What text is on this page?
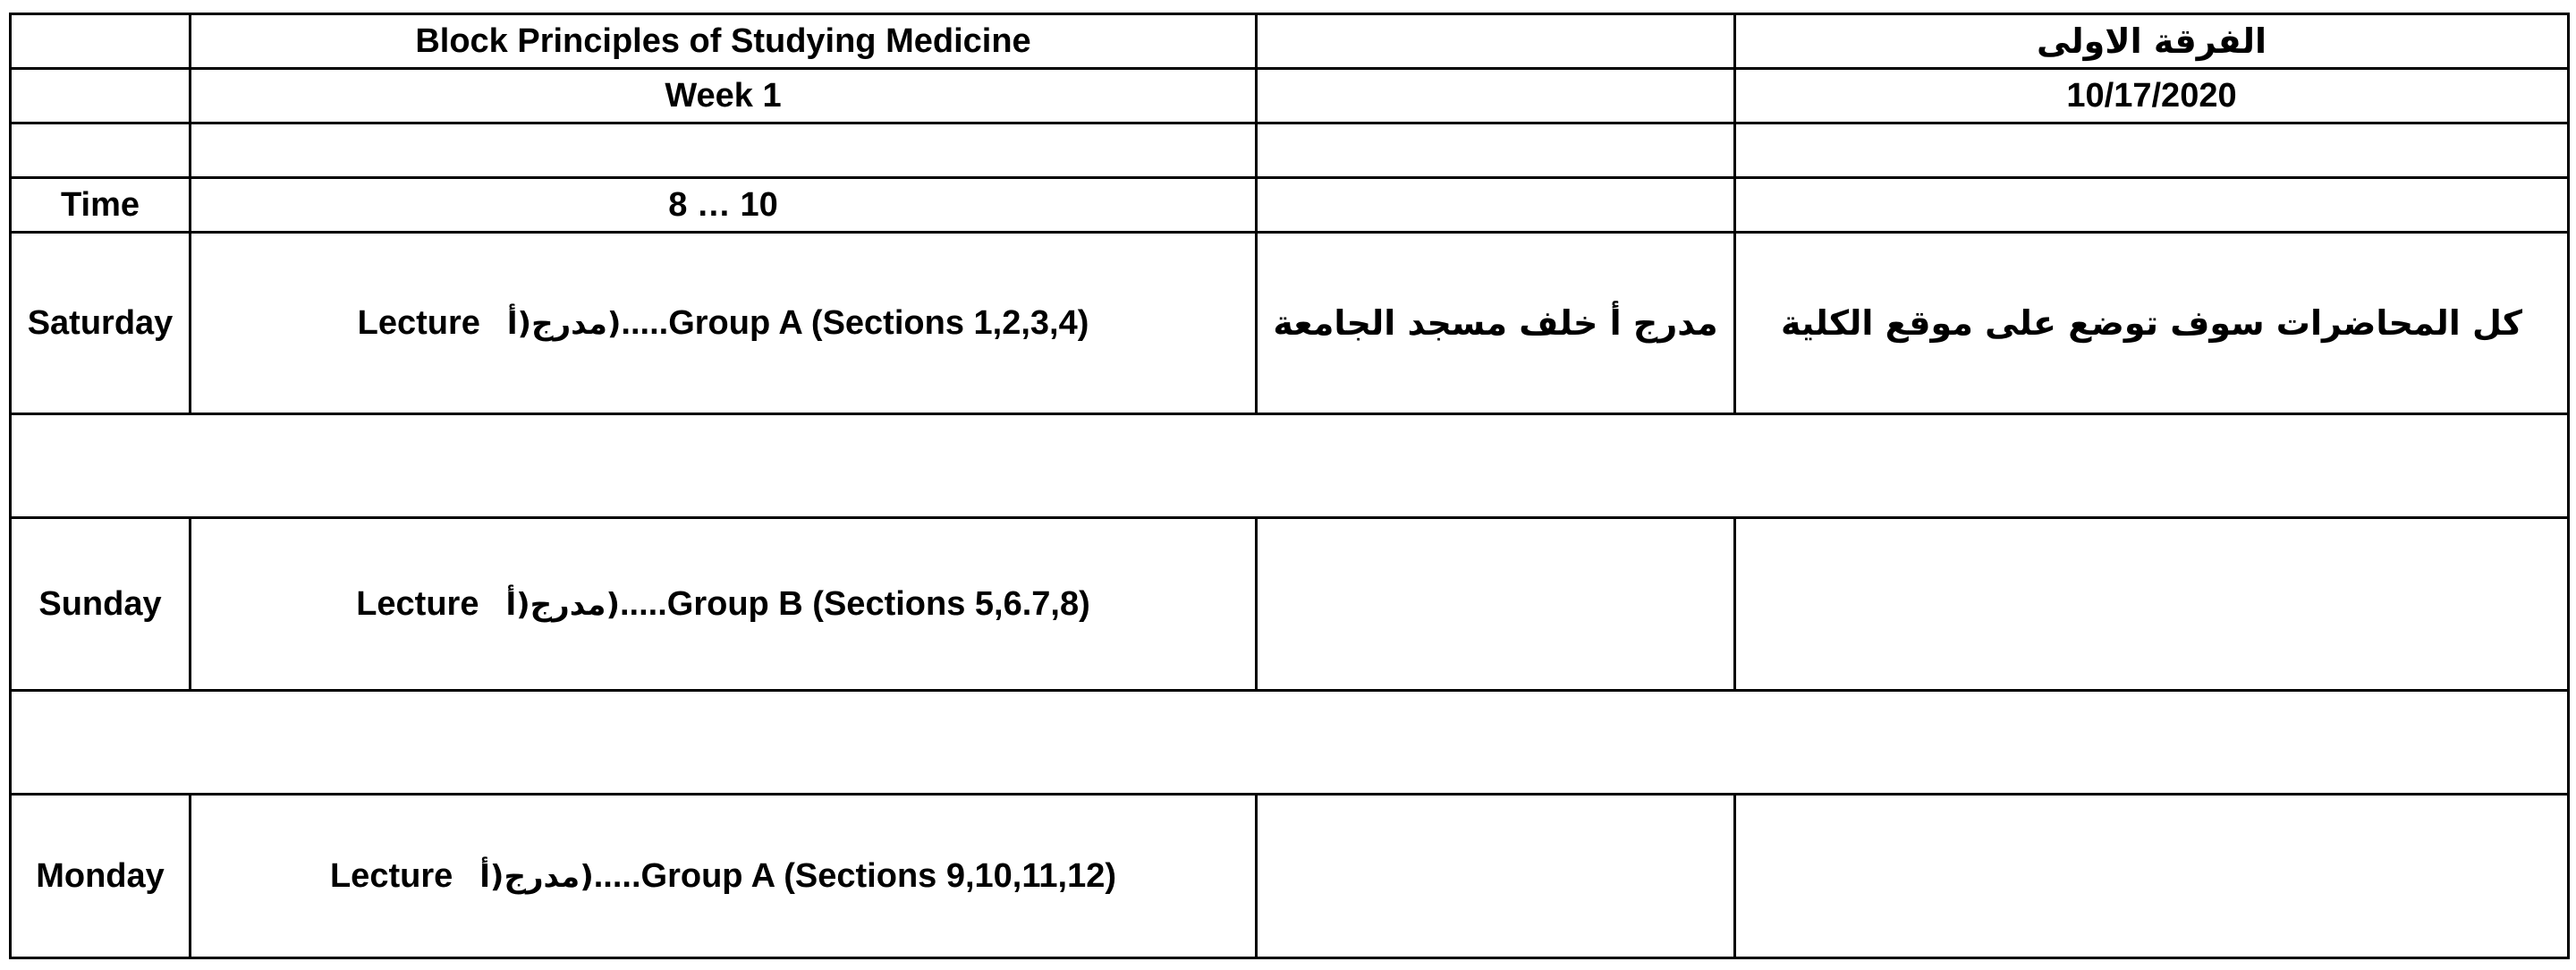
	Block Principles of Studying Medicine		الفرقة الاولى
	Week 1		10/17/2020

Time	8 … 10		
Saturday	Lecture (مدرج(أ.....Group A (Sections 1,2,3,4)	مدرج أ خلف مسجد الجامعة	كل المحاضرات سوف توضع على موقع الكلية

Sunday	Lecture (مدرج(أ.....Group B (Sections 5,6.7,8)		

Monday	Lecture (مدرج(أ.....Group A (Sections 9,10,11,12)		
